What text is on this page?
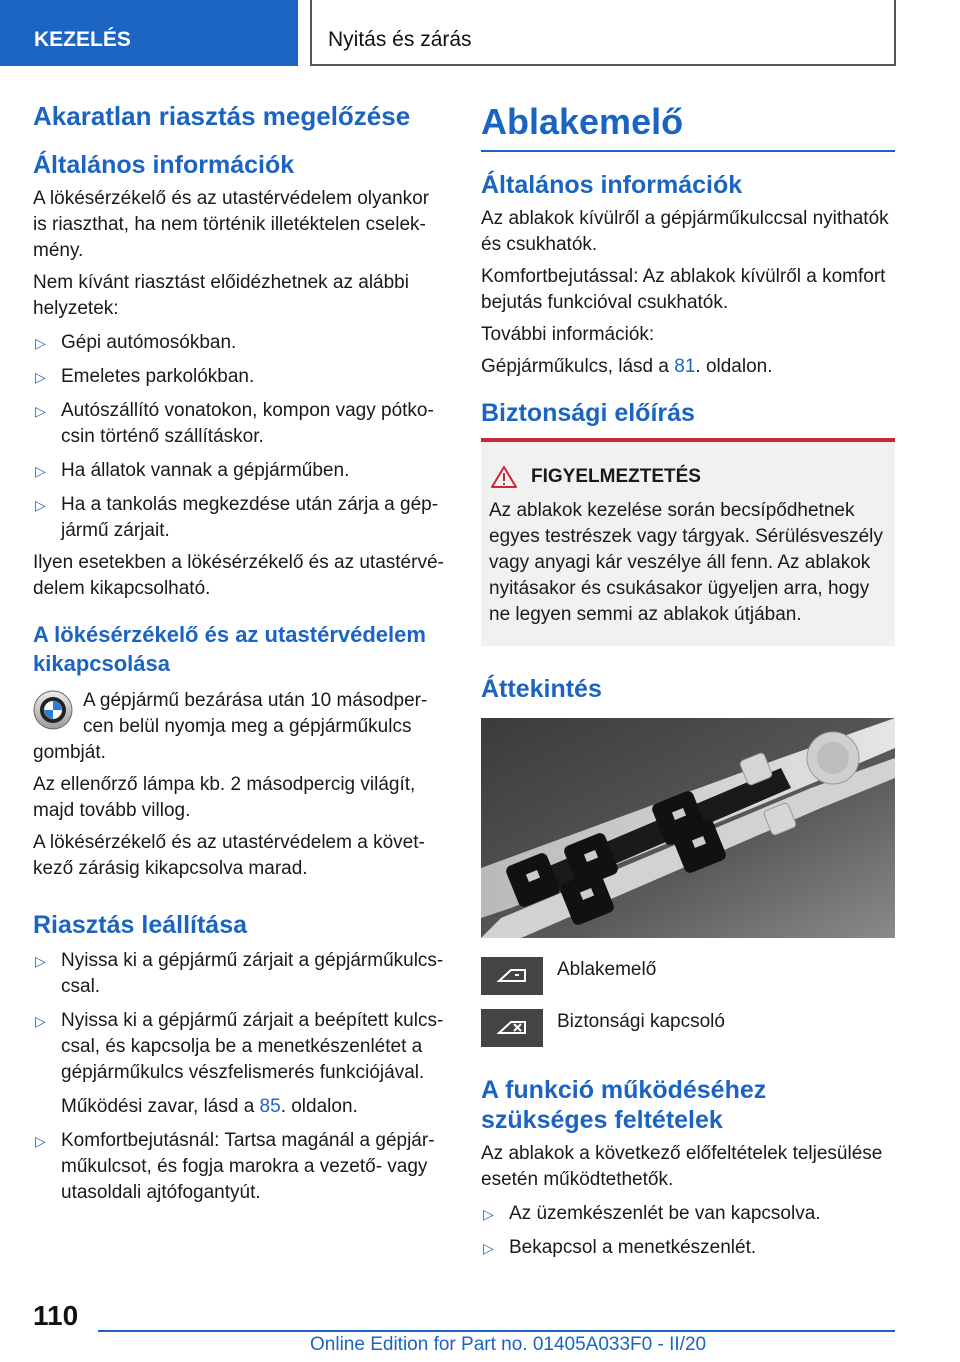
KEZELÉS	Nyitás és zárás
Akaratlan riasztás megelőzése
Általános információk
A lökésérzékelő és az utastérvédelem olyankor is riaszthat, ha nem történik illetéktelen cselek-mény.
Nem kívánt riasztást előidézhetnek az alábbi helyzetek:
▷ Gépi autómosókban.
▷ Emeletes parkolókban.
▷ Autószállító vonatokon, kompon vagy pótko-csin történő szállításkor.
▷ Ha állatok vannak a gépjárműben.
▷ Ha a tankolás megkezdése után zárja a gép-jármű zárjait.
Ilyen esetekben a lökésérzékelő és az utastérvé-delem kikapcsolható.
A lökésérzékelő és az utastérvédelem kikapcsolása
A gépjármű bezárása után 10 másodper-cen belül nyomja meg a gépjárműkulcs gombját.
Az ellenőrző lámpa kb. 2 másodpercig világít, majd tovább villog.
A lökésérzékelő és az utastérvédelem a követ-kező zárásig kikapcsolva marad.
Riasztás leállítása
▷ Nyissa ki a gépjármű zárjait a gépjárműkulcs-csal.
▷ Nyissa ki a gépjármű zárjait a beépített kulcs-csal, és kapcsolja be a menetkészenlétet a gépjárműkulcs vészfelismerés funkciójával.
Működési zavar, lásd a 85. oldalon.
▷ Komfortbejutásnál: Tartsa magánál a gépjár-műkulcsot, és fogja marokra a vezető- vagy utasoldali ajtófogantyút.
Ablakemelő
Általános információk
Az ablakok kívülről a gépjárműkulccsal nyithatók és csukhatók.
Komfortbejutással: Az ablakok kívülről a komfort bejutás funkcióval csukhatók.
További információk:
Gépjárműkulcs, lásd a 81. oldalon.
Biztonsági előírás
FIGYELMEZTETÉS
Az ablakok kezelése során becsípődhetnek egyes testrészek vagy tárgyak. Sérülésveszély vagy anyagi kár veszélye áll fenn. Az ablakok nyitásakor és csukásakor ügyeljen arra, hogy ne legyen semmi az ablakok útjában.
Áttekintés
Ablakemelő
Biztonsági kapcsoló
A funkció működéséhez szükséges feltételek
Az ablakok a következő előfeltételek teljesülése esetén működtethetők.
▷ Az üzemkészenlét be van kapcsolva.
▷ Bekapcsol a menetkészenlét.
110
Online Edition for Part no. 01405A033F0 - II/20
